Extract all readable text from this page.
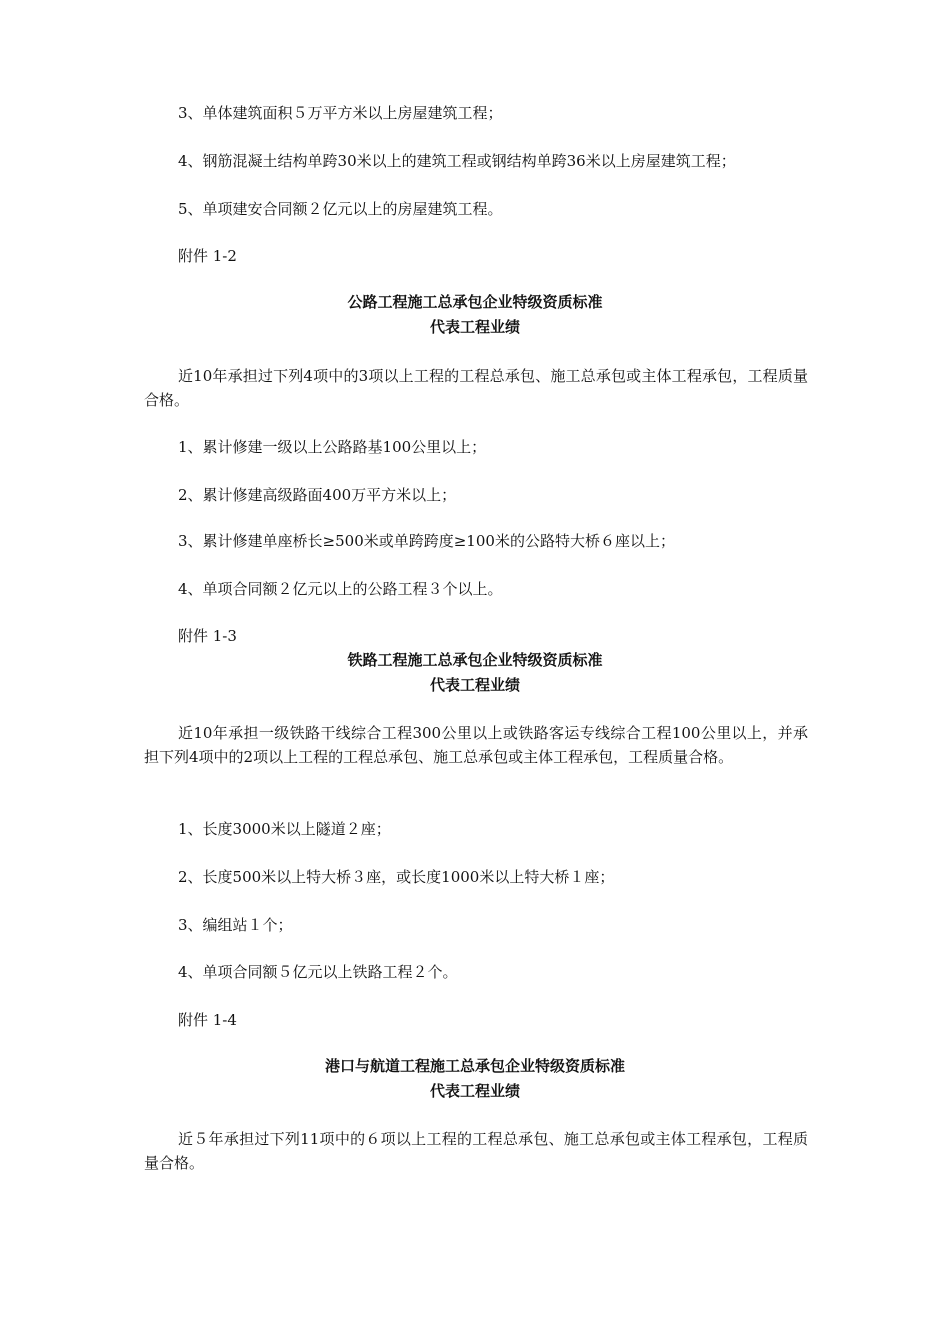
3、单体建筑面积５万平方米以上房屋建筑工程；
4、钢筋混凝土结构单跨30米以上的建筑工程或钢结构单跨36米以上房屋建筑工程；
5、单项建安合同额２亿元以上的房屋建筑工程。
附件 1-2
公路工程施工总承包企业特级资质标准
代表工程业绩
近10年承担过下列4项中的3项以上工程的工程总承包、施工总承包或主体工程承包，工程质量合格。
1、累计修建一级以上公路路基100公里以上；
2、累计修建高级路面400万平方米以上；
3、累计修建单座桥长≥500米或单跨跨度≥100米的公路特大桥６座以上；
4、单项合同额２亿元以上的公路工程３个以上。
附件 1-3
铁路工程施工总承包企业特级资质标准
代表工程业绩
近10年承担一级铁路干线综合工程300公里以上或铁路客运专线综合工程100公里以上，并承担下列4项中的2项以上工程的工程总承包、施工总承包或主体工程承包，工程质量合格。
1、长度3000米以上隧道２座；
2、长度500米以上特大桥３座，或长度1000米以上特大桥１座；
3、编组站１个；
4、单项合同额５亿元以上铁路工程２个。
附件 1-4
港口与航道工程施工总承包企业特级资质标准
代表工程业绩
近５年承担过下列11项中的６项以上工程的工程总承包、施工总承包或主体工程承包，工程质量合格。
